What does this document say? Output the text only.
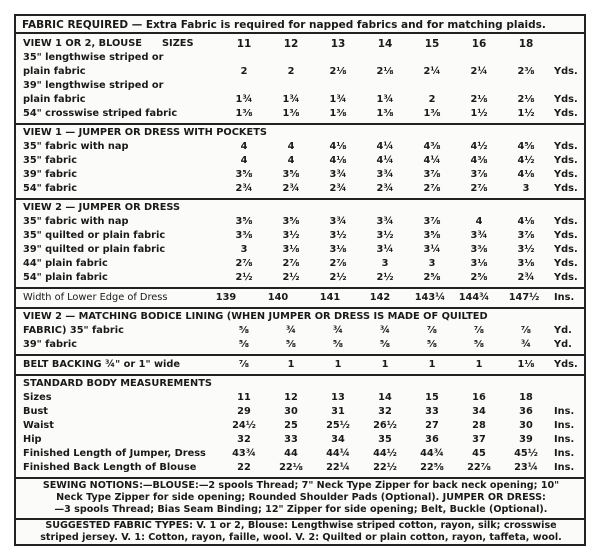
FABRIC REQUIRED — Extra Fabric is required for napped fabrics and for matching plaids.
VIEW 1 OR 2, BLOUSE SIZES	11	12	13	14	15	16	18
35" lengthwise striped or
plain fabric	2	2	2⅛	2⅛	2¼	2¼	2⅜	Yds.
39" lengthwise striped or
plain fabric	1¾	1¾	1¾	1¾	2	2⅛	2⅛	Yds.
54" crosswise striped fabric	1⅜	1⅜	1⅜	1⅜	1⅜	1½	1½	Yds.
VIEW 1 — JUMPER OR DRESS WITH POCKETS
35" fabric with nap	4	4	4⅛	4¼	4⅜	4½	4⅝	Yds.
35" fabric	4	4	4⅛	4¼	4¼	4⅜	4½	Yds.
39" fabric	3⅝	3⅝	3¾	3¾	3⅞	3⅞	4⅛	Yds.
54" fabric	2¾	2¾	2¾	2¾	2⅞	2⅞	3	Yds.
VIEW 2 — JUMPER OR DRESS
35" fabric with nap	3⅝	3⅝	3¾	3¾	3⅞	4	4⅛	Yds.
35" quilted or plain fabric	3⅜	3½	3½	3½	3⅝	3¾	3⅞	Yds.
39" quilted or plain fabric	3	3⅛	3⅛	3¼	3¼	3⅜	3½	Yds.
44" plain fabric	2⅞	2⅞	2⅞	3	3	3⅛	3⅛	Yds.
54" plain fabric	2½	2½	2½	2½	2⅝	2⅝	2¾	Yds.
Width of Lower Edge of Dress	139	140	141	142	143¼	144¾	147½	Ins.
VIEW 2 — MATCHING BODICE LINING (WHEN JUMPER OR DRESS IS MADE OF QUILTED
FABRIC) 35" fabric	⅝	¾	¾	¾	⅞	⅞	⅞	Yd.
39" fabric	⅝	⅝	⅝	⅝	⅝	⅝	¾	Yd.
BELT BACKING ¾" or 1" wide	⅞	1	1	1	1	1	1⅛	Yds.
STANDARD BODY MEASUREMENTS
Sizes	11	12	13	14	15	16	18
Bust	29	30	31	32	33	34	36	Ins.
Waist	24½	25	25½	26½	27	28	30	Ins.
Hip	32	33	34	35	36	37	39	Ins.
Finished Length of Jumper, Dress	43¾	44	44¼	44½	44¾	45	45½	Ins.
Finished Back Length of Blouse	22	22⅛	22¼	22½	22⅝	22⅞	23¼	Ins.
SEWING NOTIONS:—BLOUSE:—2 spools Thread; 7" Neck Type Zipper for back neck opening; 10"
Neck Type Zipper for side opening; Rounded Shoulder Pads (Optional). JUMPER OR DRESS:
—3 spools Thread; Bias Seam Binding; 12" Zipper for side opening; Belt, Buckle (Optional).
SUGGESTED FABRIC TYPES: V. 1 or 2, Blouse: Lengthwise striped cotton, rayon, silk; crosswise
striped jersey. V. 1: Cotton, rayon, faille, wool. V. 2: Quilted or plain cotton, rayon, taffeta, wool.
